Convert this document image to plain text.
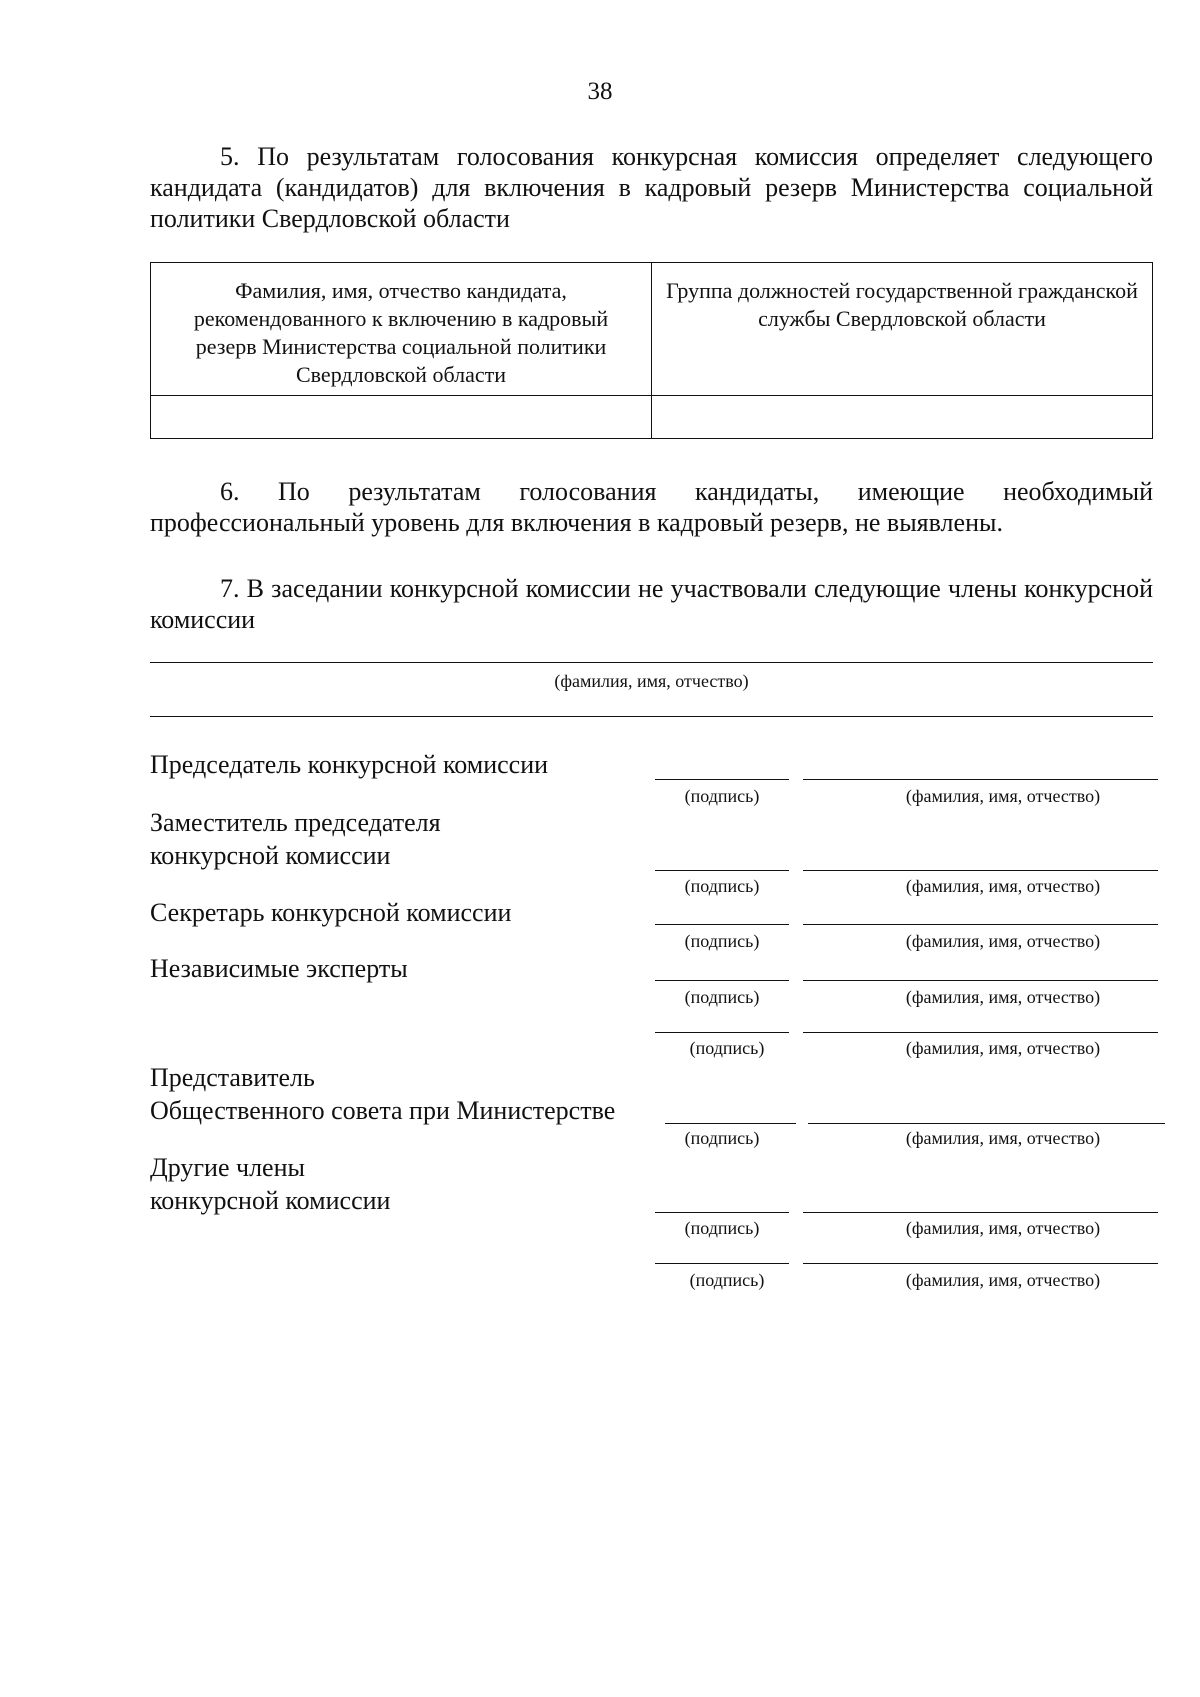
38
5. По результатам голосования конкурсная комиссия определяет следующего кандидата (кандидатов) для включения в кадровый резерв Министерства социальной политики Свердловской области
Фамилия, имя, отчество кандидата, рекомендованного к включению в кадровый резерв Министерства социальной политики Свердловской области	Группа должностей государственной гражданской службы Свердловской области

6. По результатам голосования кандидаты, имеющие необходимый профессиональный уровень для включения в кадровый резерв, не выявлены.
7. В заседании конкурсной комиссии не участвовали следующие члены конкурсной комиссии
(фамилия, имя, отчество)
Председатель конкурсной комиссии
(подпись)	(фамилия, имя, отчество)
Заместитель председателя
конкурсной комиссии
(подпись)	(фамилия, имя, отчество)
Секретарь конкурсной комиссии
(подпись)	(фамилия, имя, отчество)
Независимые эксперты
(подпись)	(фамилия, имя, отчество)
(подпись)	(фамилия, имя, отчество)
Представитель
Общественного совета при Министерстве
(подпись)	(фамилия, имя, отчество)
Другие члены
конкурсной комиссии
(подпись)	(фамилия, имя, отчество)
(подпись)	(фамилия, имя, отчество)
